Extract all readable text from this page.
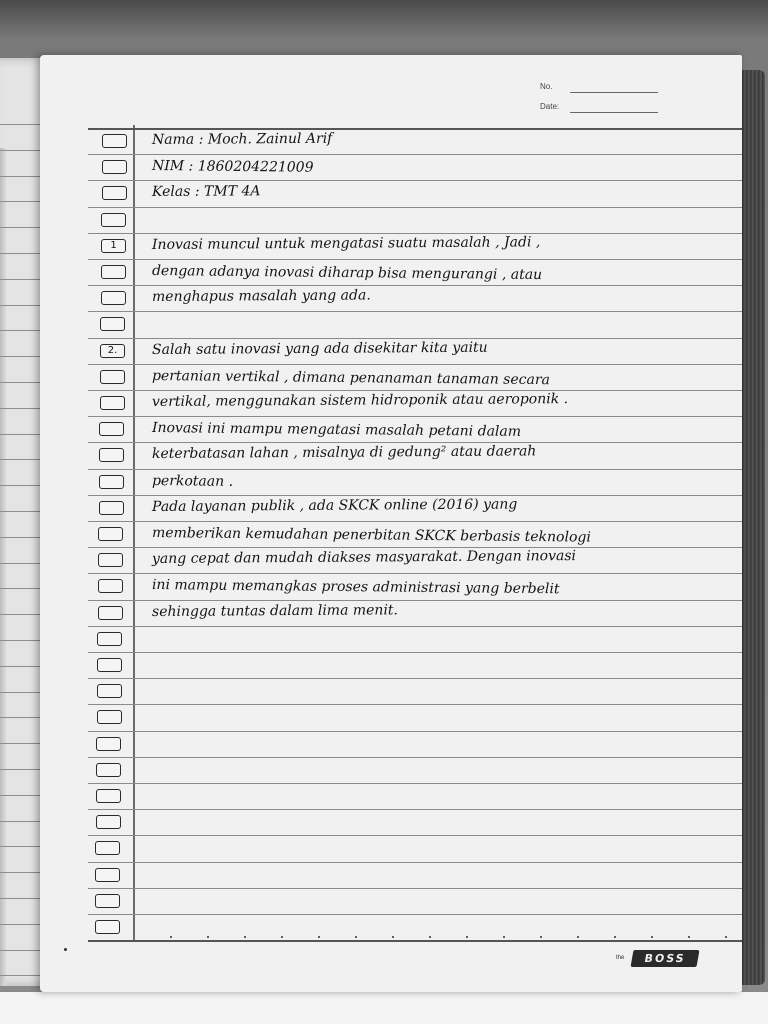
No.
Date:
the	BOSS
1
2.
Nama : Moch. Zainul Arif
NIM : 1860204221009
Kelas : TMT 4A
Inovasi muncul untuk mengatasi suatu masalah , Jadi ,
dengan adanya inovasi diharap bisa mengurangi , atau
menghapus masalah yang ada.
Salah satu inovasi yang ada disekitar kita yaitu
pertanian vertikal , dimana penanaman tanaman secara
vertikal, menggunakan sistem hidroponik atau aeroponik .
Inovasi ini mampu mengatasi masalah petani dalam
keterbatasan lahan , misalnya di gedung² atau daerah
perkotaan .
Pada layanan publik , ada SKCK online (2016) yang
memberikan kemudahan penerbitan SKCK berbasis teknologi
yang cepat dan mudah diakses masyarakat. Dengan inovasi
ini mampu memangkas proses administrasi yang berbelit
sehingga tuntas dalam lima menit.
